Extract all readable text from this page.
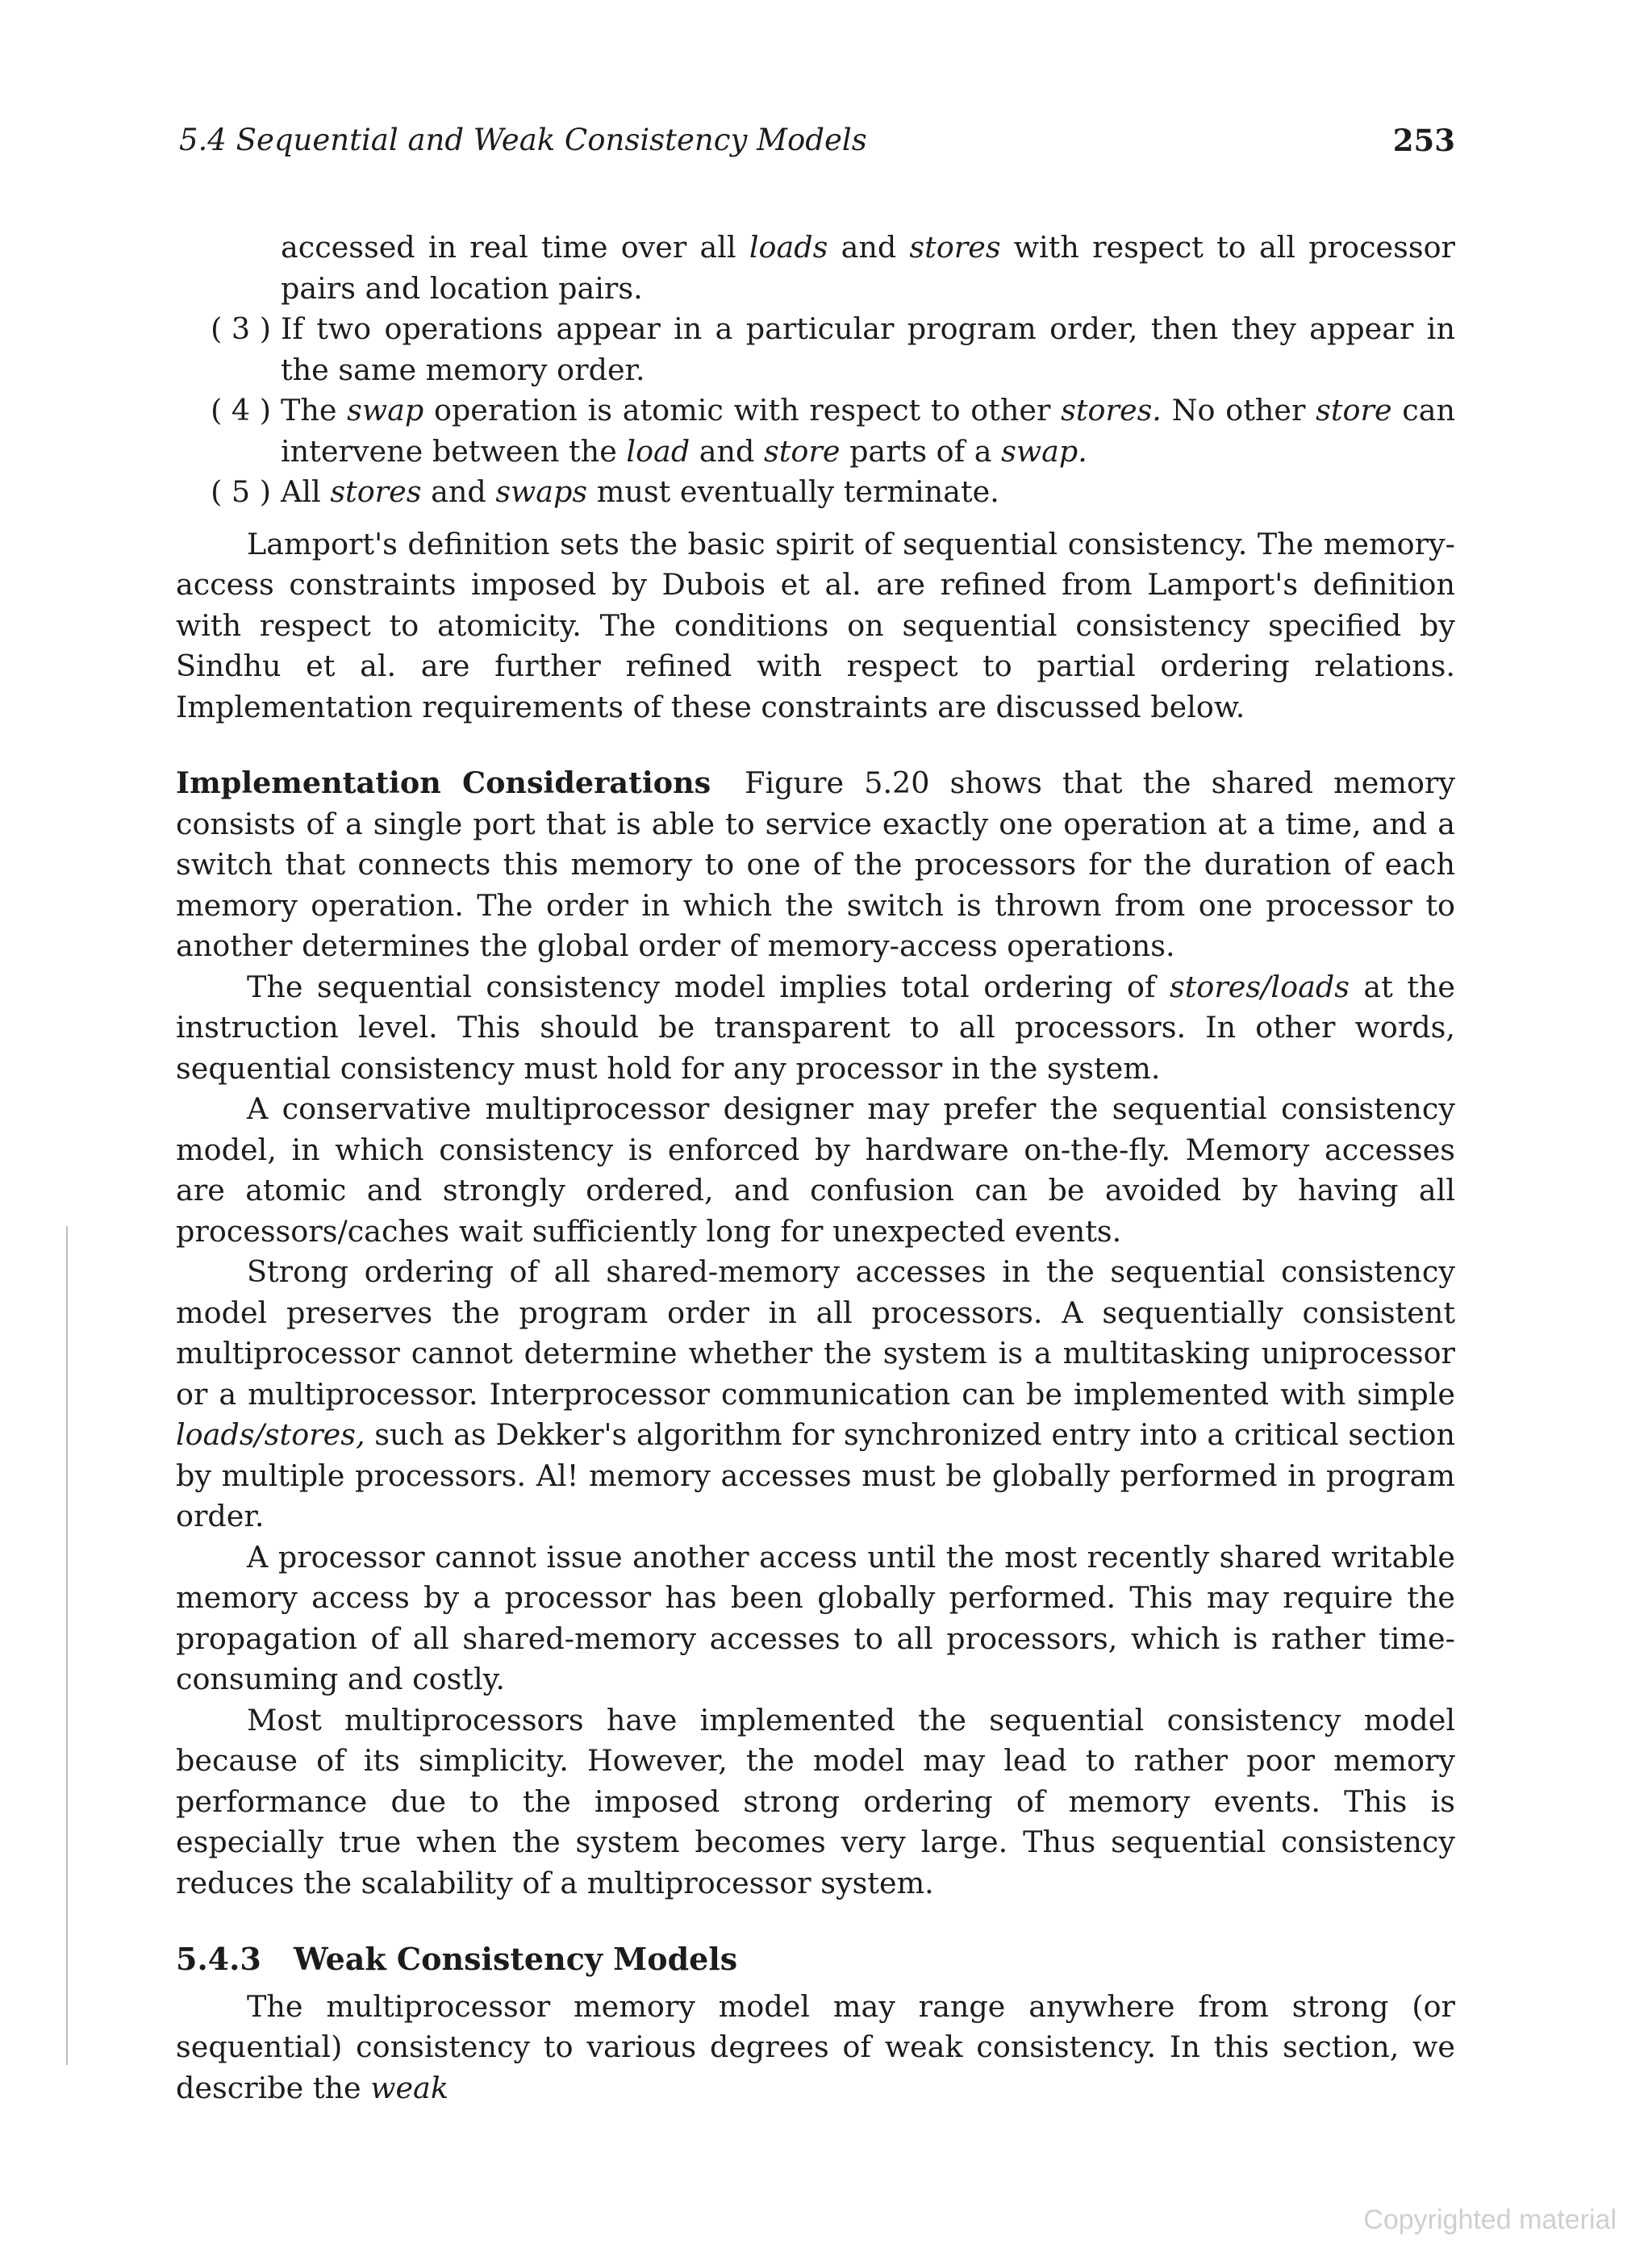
5.4 Sequential and Weak Consistency Models	253

accessed in real time over all loads and stores with respect to all processor pairs and location pairs.

( 3 ) If two operations appear in a particular program order, then they appear in the same memory order.
( 4 ) The swap operation is atomic with respect to other stores. No other store can intervene between the load and store parts of a swap.
( 5 ) All stores and swaps must eventually terminate.

Lamport's definition sets the basic spirit of sequential consistency. The memory-access constraints imposed by Dubois et al. are refined from Lamport's definition with respect to atomicity. The conditions on sequential consistency specified by Sindhu et al. are further refined with respect to partial ordering relations. Implementation requirements of these constraints are discussed below.

Implementation Considerations Figure 5.20 shows that the shared memory consists of a single port that is able to service exactly one operation at a time, and a switch that connects this memory to one of the processors for the duration of each memory operation. The order in which the switch is thrown from one processor to another determines the global order of memory-access operations.

The sequential consistency model implies total ordering of stores/loads at the instruction level. This should be transparent to all processors. In other words, sequential consistency must hold for any processor in the system.

A conservative multiprocessor designer may prefer the sequential consistency model, in which consistency is enforced by hardware on-the-fly. Memory accesses are atomic and strongly ordered, and confusion can be avoided by having all processors/caches wait sufficiently long for unexpected events.

Strong ordering of all shared-memory accesses in the sequential consistency model preserves the program order in all processors. A sequentially consistent multiprocessor cannot determine whether the system is a multitasking uniprocessor or a multiprocessor. Interprocessor communication can be implemented with simple loads/stores, such as Dekker's algorithm for synchronized entry into a critical section by multiple processors. Al! memory accesses must be globally performed in program order.

A processor cannot issue another access until the most recently shared writable memory access by a processor has been globally performed. This may require the propagation of all shared-memory accesses to all processors, which is rather time-consuming and costly.

Most multiprocessors have implemented the sequential consistency model because of its simplicity. However, the model may lead to rather poor memory performance due to the imposed strong ordering of memory events. This is especially true when the system becomes very large. Thus sequential consistency reduces the scalability of a multiprocessor system.

5.4.3 Weak Consistency Models

The multiprocessor memory model may range anywhere from strong (or sequential) consistency to various degrees of weak consistency. In this section, we describe the weak

Copyrighted material
